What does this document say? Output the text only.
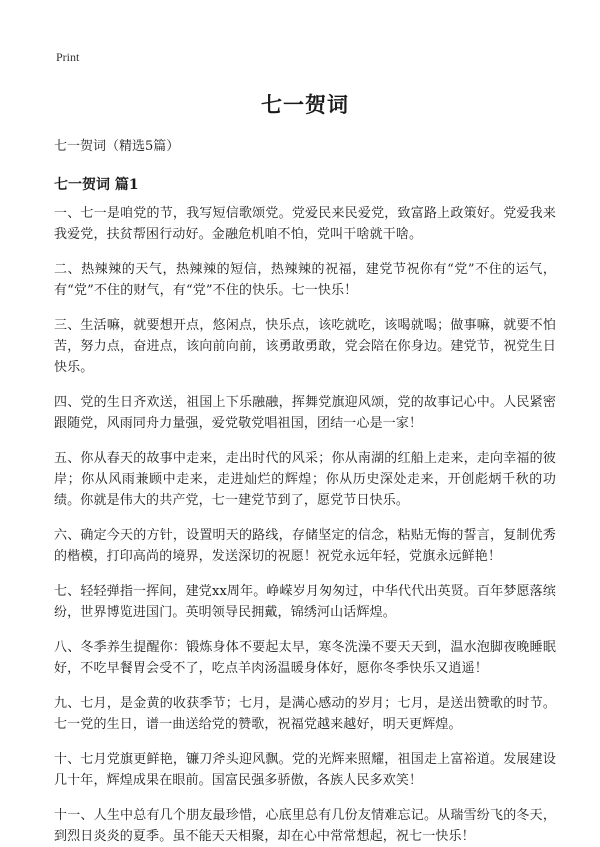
Print
七一贺词

七一贺词（精选5篇）

七一贺词 篇1

一、七一是咱党的节，我写短信歌颂党。党爱民来民爱党，致富路上政策好。党爱我来我爱党，扶贫帮困行动好。金融危机咱不怕，党叫干啥就干啥。

二、热辣辣的天气，热辣辣的短信，热辣辣的祝福，建党节祝你有“党”不住的运气，有“党”不住的财气，有“党”不住的快乐。七一快乐！

三、生活嘛，就要想开点，悠闲点，快乐点，该吃就吃，该喝就喝；做事嘛，就要不怕苦，努力点，奋进点，该向前向前，该勇敢勇敢，党会陪在你身边。建党节，祝党生日快乐。

四、党的生日齐欢送，祖国上下乐融融，挥舞党旗迎风颂，党的故事记心中。人民紧密跟随党，风雨同舟力量强，爱党敬党唱祖国，团结一心是一家！

五、你从春天的故事中走来，走出时代的风采；你从南湖的红船上走来，走向幸福的彼岸；你从风雨兼顾中走来，走进灿烂的辉煌；你从历史深处走来，开创彪炳千秋的功绩。你就是伟大的共产党，七一建党节到了，愿党节日快乐。

六、确定今天的方针，设置明天的路线，存储坚定的信念，粘贴无悔的誓言，复制优秀的楷模，打印高尚的境界，发送深切的祝愿！祝党永远年轻，党旗永远鲜艳！

七、轻轻弹指一挥间，建党xx周年。峥嵘岁月匆匆过，中华代代出英贤。百年梦愿落缤纷，世界博览进国门。英明领导民拥戴，锦绣河山话辉煌。

八、冬季养生提醒你：锻炼身体不要起太早，寒冬洗澡不要天天到，温水泡脚夜晚睡眠好，不吃早餐胃会受不了，吃点羊肉汤温暖身体好，愿你冬季快乐又逍遥！

九、七月，是金黄的收获季节；七月，是满心感动的岁月；七月，是送出赞歌的时节。七一党的生日，谱一曲送给党的赞歌，祝福党越来越好，明天更辉煌。

十、七月党旗更鲜艳，镰刀斧头迎风飘。党的光辉来照耀，祖国走上富裕道。发展建设几十年，辉煌成果在眼前。国富民强多骄傲，各族人民多欢笑！

十一、人生中总有几个朋友最珍惜，心底里总有几份友情难忘记。从瑞雪纷飞的冬天，到烈日炎炎的夏季。虽不能天天相聚，却在心中常常想起，祝七一快乐！
